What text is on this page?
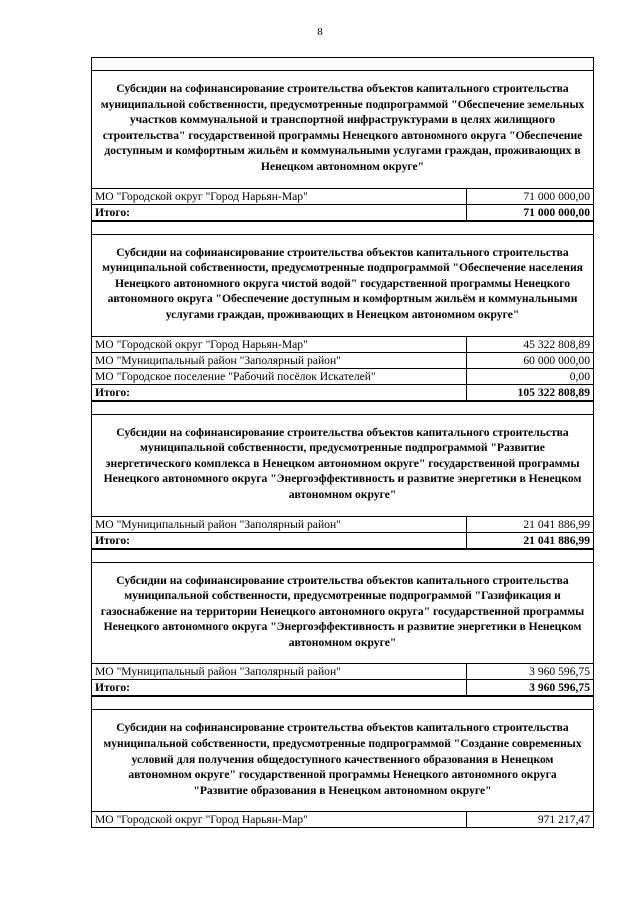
8
Субсидии на софинансирование строительства объектов капитального строительства муниципальной собственности, предусмотренные подпрограммой "Обеспечение земельных участков коммунальной и транспортной инфраструктурами в целях жилищного строительства" государственной программы Ненецкого автономного округа "Обеспечение доступным и комфортным жильём и коммунальными услугами граждан, проживающих в Ненецком автономном округе"
МО "Городской округ "Город Нарьян-Мар"	71 000 000,00
Итого:	71 000 000,00
Субсидии на софинансирование строительства объектов капитального строительства муниципальной собственности, предусмотренные подпрограммой "Обеспечение населения Ненецкого автономного округа чистой водой" государственной программы Ненецкого автономного округа "Обеспечение доступным и комфортным жильём и коммунальными услугами граждан, проживающих в Ненецком автономном округе"
МО "Городской округ "Город Нарьян-Мар"	45 322 808,89
МО "Муниципальный район "Заполярный район"	60 000 000,00
МО "Городское поселение "Рабочий посёлок Искателей"	0,00
Итого:	105 322 808,89
Субсидии на софинансирование строительства объектов капитального строительства муниципальной собственности, предусмотренные подпрограммой "Развитие энергетического комплекса в Ненецком автономном округе" государственной программы Ненецкого автономного округа "Энергоэффективность и развитие энергетики в Ненецком автономном округе"
МО "Муниципальный район "Заполярный район"	21 041 886,99
Итого:	21 041 886,99
Субсидии на софинансирование строительства объектов капитального строительства муниципальной собственности, предусмотренные подпрограммой "Газификация и газоснабжение на территории Ненецкого автономного округа" государственной программы Ненецкого автономного округа "Энергоэффективность и развитие энергетики в Ненецком автономном округе"
МО "Муниципальный район "Заполярный район"	3 960 596,75
Итого:	3 960 596,75
Субсидии на софинансирование строительства объектов капитального строительства муниципальной собственности, предусмотренные подпрограммой "Создание современных условий для получения общедоступного качественного образования в Ненецком автономном округе" государственной программы Ненецкого автономного округа "Развитие образования в Ненецком автономном округе"
МО "Городской округ "Город Нарьян-Мар"	971 217,47
